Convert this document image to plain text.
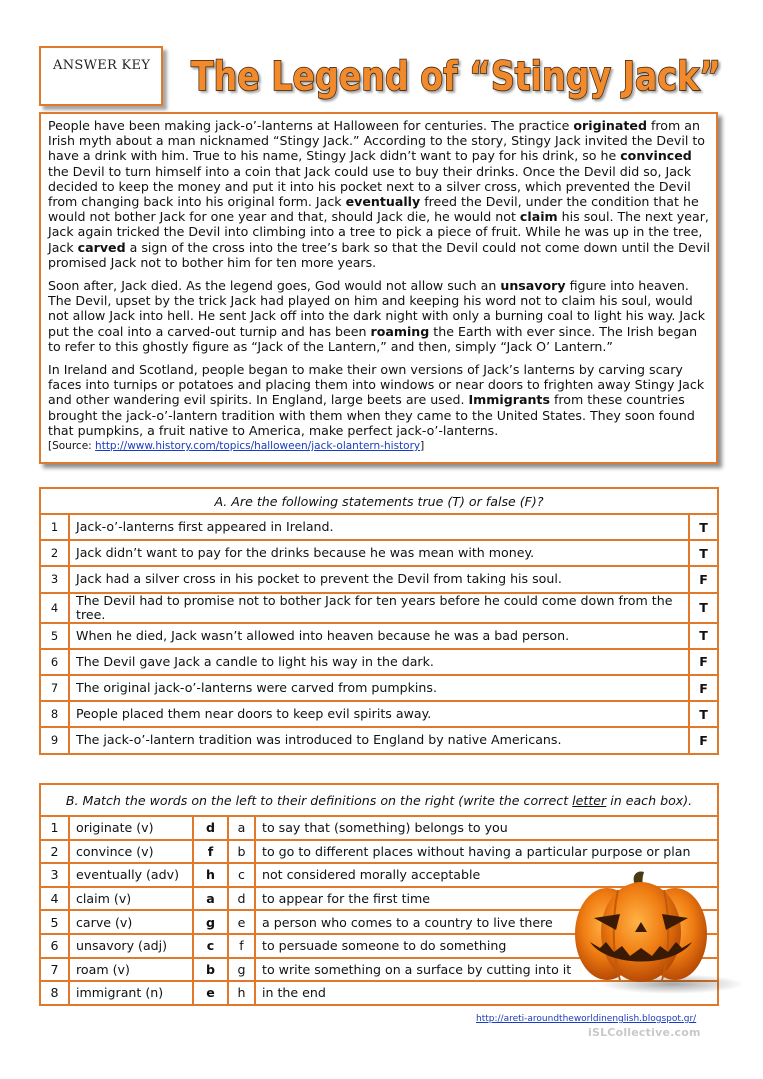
ANSWER KEY	The Legend of “Stingy Jack”

People have been making jack-o’-lanterns at Halloween for centuries. The practice originated from an Irish myth about a man nicknamed “Stingy Jack.” According to the story, Stingy Jack invited the Devil to have a drink with him. True to his name, Stingy Jack didn’t want to pay for his drink, so he convinced the Devil to turn himself into a coin that Jack could use to buy their drinks. Once the Devil did so, Jack decided to keep the money and put it into his pocket next to a silver cross, which prevented the Devil from changing back into his original form. Jack eventually freed the Devil, under the condition that he would not bother Jack for one year and that, should Jack die, he would not claim his soul. The next year, Jack again tricked the Devil into climbing into a tree to pick a piece of fruit. While he was up in the tree, Jack carved a sign of the cross into the tree’s bark so that the Devil could not come down until the Devil promised Jack not to bother him for ten more years.

Soon after, Jack died. As the legend goes, God would not allow such an unsavory figure into heaven. The Devil, upset by the trick Jack had played on him and keeping his word not to claim his soul, would not allow Jack into hell. He sent Jack off into the dark night with only a burning coal to light his way. Jack put the coal into a carved-out turnip and has been roaming the Earth with ever since. The Irish began to refer to this ghostly figure as “Jack of the Lantern,” and then, simply “Jack O’ Lantern.”

In Ireland and Scotland, people began to make their own versions of Jack’s lanterns by carving scary faces into turnips or potatoes and placing them into windows or near doors to frighten away Stingy Jack and other wandering evil spirits. In England, large beets are used. Immigrants from these countries brought the jack-o’-lantern tradition with them when they came to the United States. They soon found that pumpkins, a fruit native to America, make perfect jack-o’-lanterns.

[Source: http://www.history.com/topics/halloween/jack-olantern-history]
A. Are the following statements true (T) or false (F)?		
1	Jack-o’-lanterns first appeared in Ireland.	T
2	Jack didn’t want to pay for the drinks because he was mean with money.	T
3	Jack had a silver cross in his pocket to prevent the Devil from taking his soul.	F
4	The Devil had to promise not to bother Jack for ten years before he could come down from the tree.	T
5	When he died, Jack wasn’t allowed into heaven because he was a bad person.	T
6	The Devil gave Jack a candle to light his way in the dark.	F
7	The original jack-o’-lanterns were carved from pumpkins.	F
8	People placed them near doors to keep evil spirits away.	T
9	The jack-o’-lantern tradition was introduced to England by native Americans.	F
B. Match the words on the left to their definitions on the right (write the correct letter in each box).				
1	originate (v)	d	a	to say that (something) belongs to you
2	convince (v)	f	b	to go to different places without having a particular purpose or plan
3	eventually (adv)	h	c	not considered morally acceptable
4	claim (v)	a	d	to appear for the first time
5	carve (v)	g	e	a person who comes to a country to live there
6	unsavory (adj)	c	f	to persuade someone to do something
7	roam (v)	b	g	to write something on a surface by cutting into it
8	immigrant (n)	e	h	in the end
http://areti-aroundtheworldinenglish.blogspot.gr/
iSLCollective.com
